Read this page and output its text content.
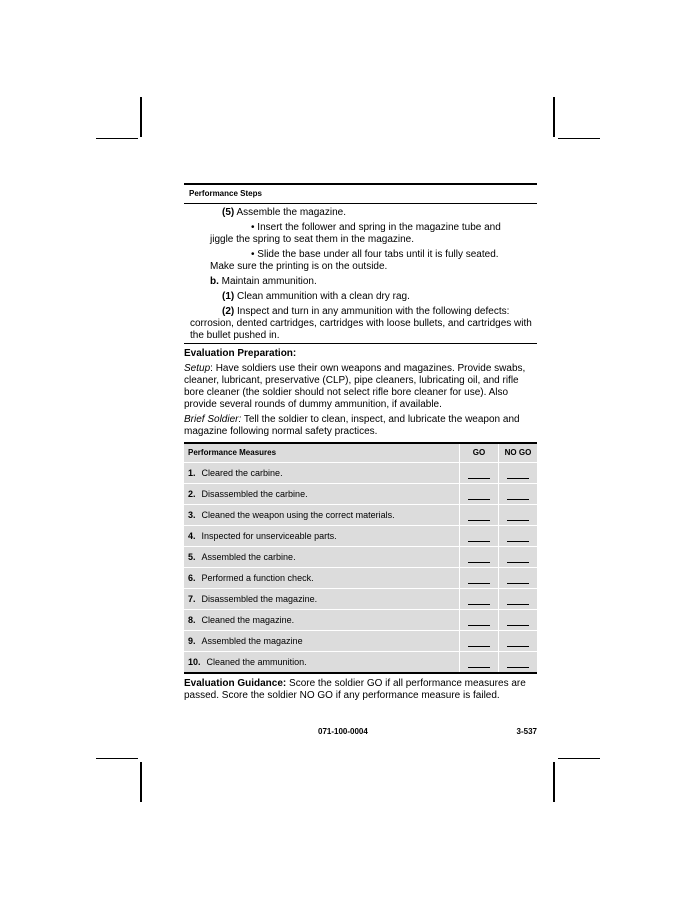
Performance Steps
(5) Assemble the magazine.
• Insert the follower and spring in the magazine tube and
jiggle the spring to seat them in the magazine.
• Slide the base under all four tabs until it is fully seated.
Make sure the printing is on the outside.
b. Maintain ammunition.
(1) Clean ammunition with a clean dry rag.
(2) Inspect and turn in any ammunition with the following defects:
corrosion, dented cartridges, cartridges with loose bullets, and cartridges with the bullet pushed in.
Evaluation Preparation:
Setup: Have soldiers use their own weapons and magazines. Provide swabs, cleaner, lubricant, preservative (CLP), pipe cleaners, lubricating oil, and rifle bore cleaner (the soldier should not select rifle bore cleaner for use). Also provide several rounds of dummy ammunition, if available.
Brief Soldier: Tell the soldier to clean, inspect, and lubricate the weapon and magazine following normal safety practices.
Performance Measures	GO	NO GO
1. Cleared the carbine.		
2. Disassembled the carbine.		
3. Cleaned the weapon using the correct materials.		
4. Inspected for unserviceable parts.		
5. Assembled the carbine.		
6. Performed a function check.		
7. Disassembled the magazine.		
8. Cleaned the magazine.		
9. Assembled the magazine		
10. Cleaned the ammunition.		
Evaluation Guidance: Score the soldier GO if all performance measures are passed. Score the soldier NO GO if any performance measure is failed.
071-100-0004	3-537
